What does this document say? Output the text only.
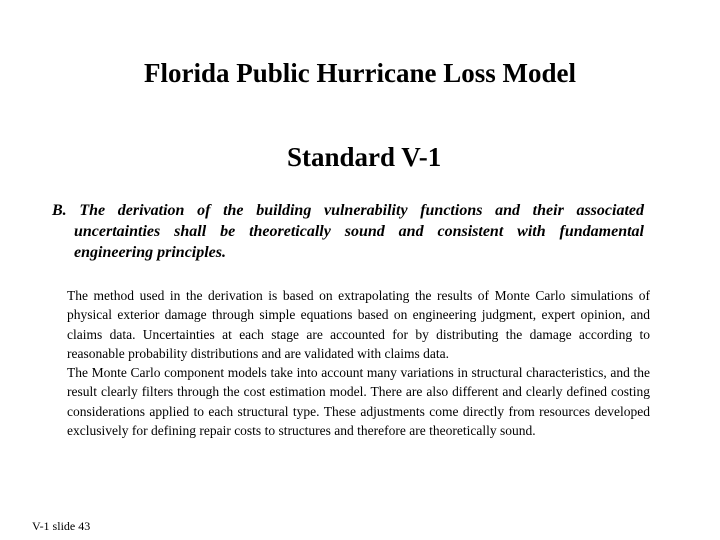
Florida Public Hurricane Loss Model
Standard V-1

B. The derivation of the building vulnerability functions and their associated uncertainties shall be theoretically sound and consistent with fundamental engineering principles.

The method used in the derivation is based on extrapolating the results of Monte Carlo simulations of physical exterior damage through simple equations based on engineering judgment, expert opinion, and claims data. Uncertainties at each stage are accounted for by distributing the damage according to reasonable probability distributions and are validated with claims data.

The Monte Carlo component models take into account many variations in structural characteristics, and the result clearly filters through the cost estimation model. There are also different and clearly defined costing considerations applied to each structural type. These adjustments come directly from resources developed exclusively for defining repair costs to structures and therefore are theoretically sound.

V-1 slide 43
